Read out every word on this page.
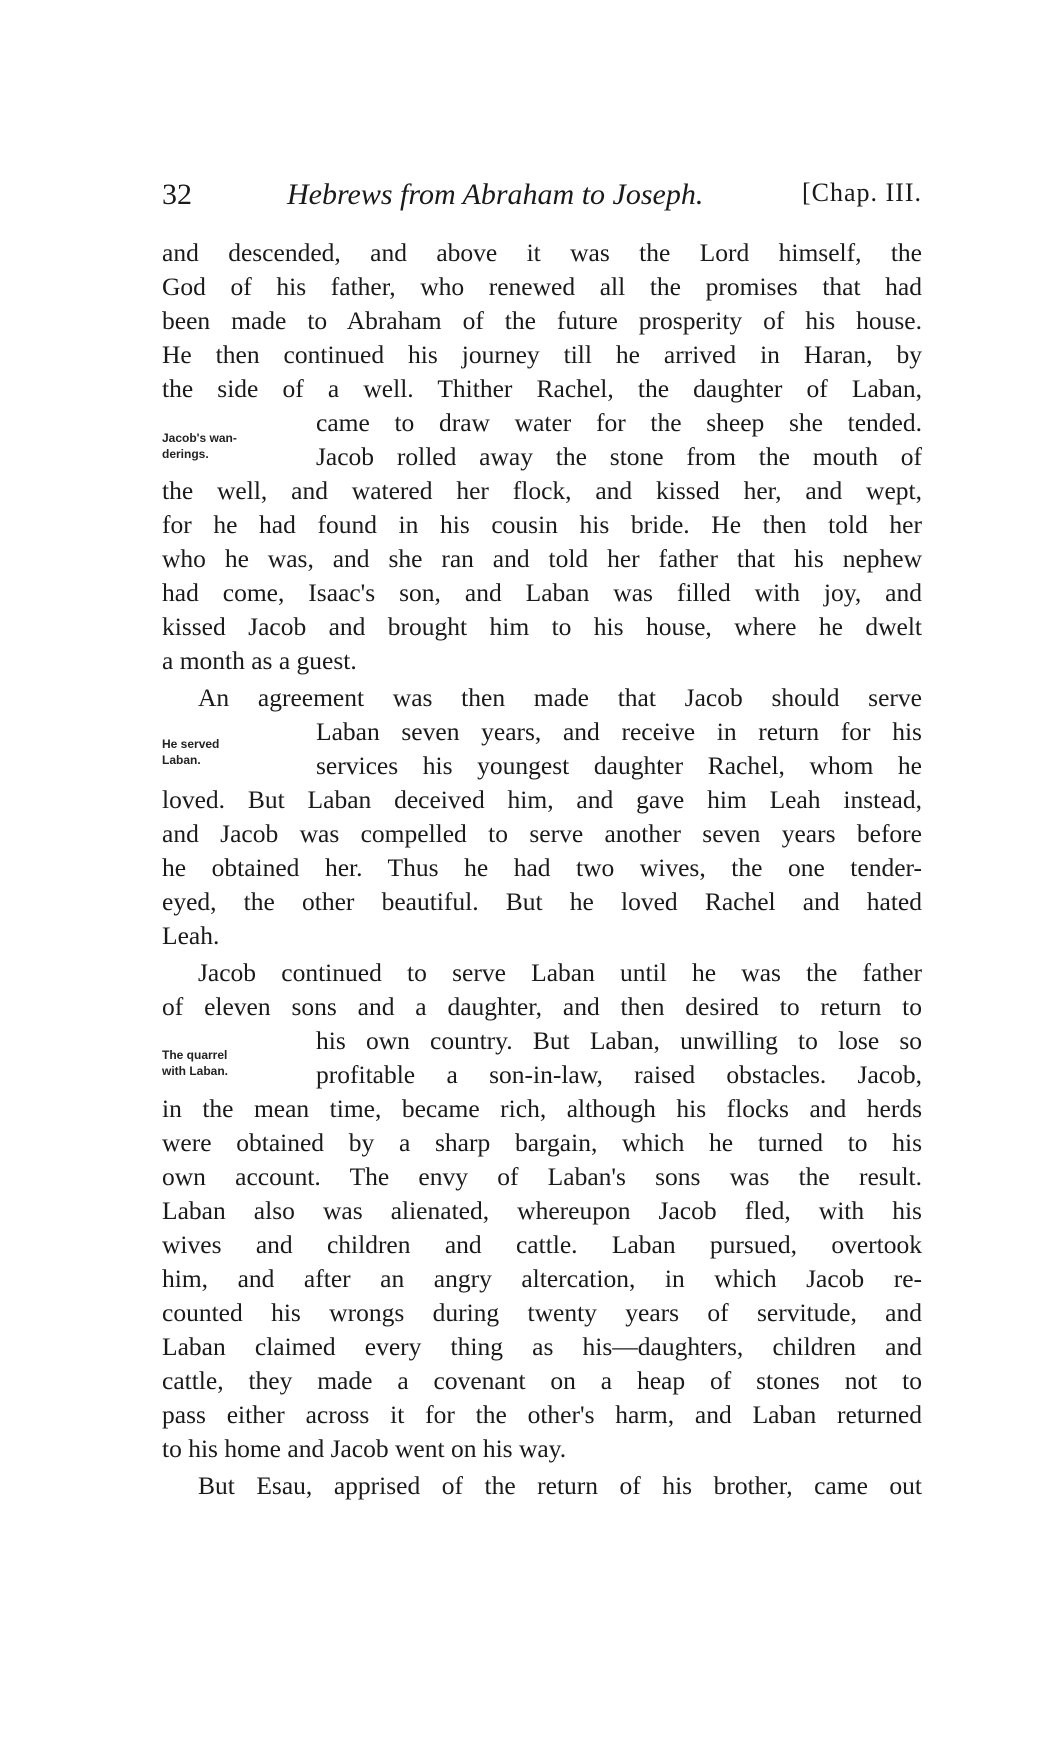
32	Hebrews from Abraham to Joseph.	[Chap. III.
Jacob's wan-
derings.
He served
Laban.
The quarrel
with Laban.
and descended, and above it was the Lord himself, the
God of his father, who renewed all the promises that had
been made to Abraham of the future prosperity of his house.
He then continued his journey till he arrived in Haran, by
the side of a well. Thither Rachel, the daughter of Laban,
came to draw water for the sheep she tended.
Jacob rolled away the stone from the mouth of
the well, and watered her flock, and kissed her, and wept,
for he had found in his cousin his bride. He then told her
who he was, and she ran and told her father that his nephew
had come, Isaac's son, and Laban was filled with joy, and
kissed Jacob and brought him to his house, where he dwelt
a month as a guest.
An agreement was then made that Jacob should serve
Laban seven years, and receive in return for his
services his youngest daughter Rachel, whom he
loved. But Laban deceived him, and gave him Leah instead,
and Jacob was compelled to serve another seven years before
he obtained her. Thus he had two wives, the one tender-
eyed, the other beautiful. But he loved Rachel and hated
Leah.
Jacob continued to serve Laban until he was the father
of eleven sons and a daughter, and then desired to return to
his own country. But Laban, unwilling to lose so
profitable a son-in-law, raised obstacles. Jacob,
in the mean time, became rich, although his flocks and herds
were obtained by a sharp bargain, which he turned to his
own account. The envy of Laban's sons was the result.
Laban also was alienated, whereupon Jacob fled, with his
wives and children and cattle. Laban pursued, overtook
him, and after an angry altercation, in which Jacob re-
counted his wrongs during twenty years of servitude, and
Laban claimed every thing as his—daughters, children and
cattle, they made a covenant on a heap of stones not to
pass either across it for the other's harm, and Laban returned
to his home and Jacob went on his way.
But Esau, apprised of the return of his brother, came out
